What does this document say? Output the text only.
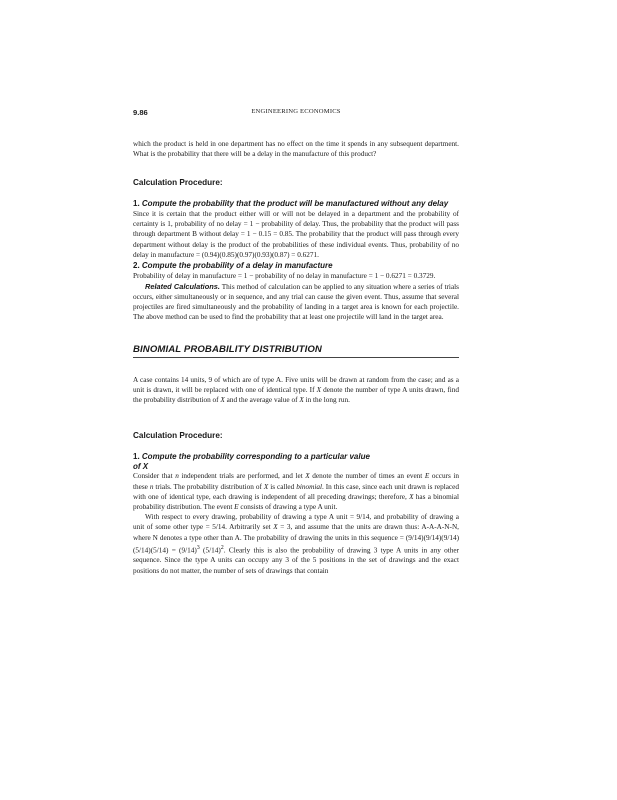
9.86	ENGINEERING ECONOMICS

which the product is held in one department has no effect on the time it spends in any subsequent department. What is the probability that there will be a delay in the manufacture of this product?

Calculation Procedure:
1. Compute the probability that the product will be manufactured without any delay

Since it is certain that the product either will or will not be delayed in a department and the probability of certainty is 1, probability of no delay = 1 − probability of delay. Thus, the probability that the product will pass through department B without delay = 1 − 0.15 = 0.85. The probability that the product will pass through every department without delay is the product of the probabilities of these individual events. Thus, probability of no delay in manufacture = (0.94)(0.85)(0.97)(0.93)(0.87) = 0.6271.

2. Compute the probability of a delay in manufacture

Probability of delay in manufacture = 1 − probability of no delay in manufacture = 1 − 0.6271 = 0.3729.

Related Calculations. This method of calculation can be applied to any situation where a series of trials occurs, either simultaneously or in sequence, and any trial can cause the given event. Thus, assume that several projectiles are fired simultaneously and the probability of landing in a target area is known for each projectile. The above method can be used to find the probability that at least one projectile will land in the target area.

BINOMIAL PROBABILITY DISTRIBUTION

A case contains 14 units, 9 of which are of type A. Five units will be drawn at random from the case; and as a unit is drawn, it will be replaced with one of identical type. If X denote the number of type A units drawn, find the probability distribution of X and the average value of X in the long run.

Calculation Procedure:
1. Compute the probability corresponding to a particular value
of X

Consider that n independent trials are performed, and let X denote the number of times an event E occurs in these n trials. The probability distribution of X is called binomial. In this case, since each unit drawn is replaced with one of identical type, each drawing is independent of all preceding drawings; therefore, X has a binomial probability distribution. The event E consists of drawing a type A unit.

With respect to every drawing, probability of drawing a type A unit = 9/14, and probability of drawing a unit of some other type = 5/14. Arbitrarily set X = 3, and assume that the units are drawn thus: A-A-A-N-N, where N denotes a type other than A. The probability of drawing the units in this sequence = $(9/14)(9/14)(9/14)(5/14)(5/14) = (9/14)^3$ $(5/14)^2$. Clearly this is also the probability of drawing 3 type A units in any other sequence. Since the type A units can occupy any 3 of the 5 positions in the set of drawings and the exact positions do not matter, the number of sets of drawings that contain
